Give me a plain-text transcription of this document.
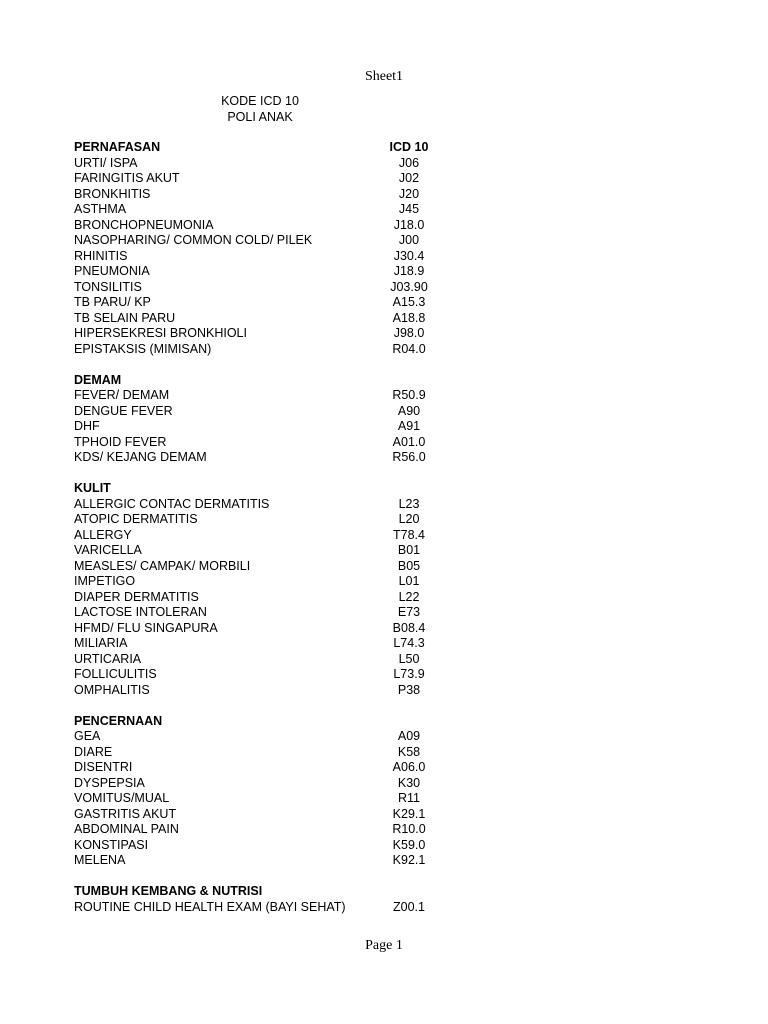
Sheet1
KODE ICD 10
POLI ANAK
PERNAFASAN	ICD 10
URTI/ ISPA	J06
FARINGITIS AKUT	J02
BRONKHITIS	J20
ASTHMA	J45
BRONCHOPNEUMONIA	J18.0
NASOPHARING/ COMMON COLD/ PILEK	J00
RHINITIS	J30.4
PNEUMONIA	J18.9
TONSILITIS	J03.90
TB PARU/ KP	A15.3
TB SELAIN PARU	A18.8
HIPERSEKRESI BRONKHIOLI	J98.0
EPISTAKSIS (MIMISAN)	R04.0
DEMAM
FEVER/ DEMAM	R50.9
DENGUE FEVER	A90
DHF	A91
TPHOID FEVER	A01.0
KDS/ KEJANG DEMAM	R56.0
KULIT
ALLERGIC CONTAC DERMATITIS	L23
ATOPIC DERMATITIS	L20
ALLERGY	T78.4
VARICELLA	B01
MEASLES/ CAMPAK/ MORBILI	B05
IMPETIGO	L01
DIAPER DERMATITIS	L22
LACTOSE INTOLERAN	E73
HFMD/ FLU SINGAPURA	B08.4
MILIARIA	L74.3
URTICARIA	L50
FOLLICULITIS	L73.9
OMPHALITIS	P38
PENCERNAAN
GEA	A09
DIARE	K58
DISENTRI	A06.0
DYSPEPSIA	K30
VOMITUS/MUAL	R11
GASTRITIS AKUT	K29.1
ABDOMINAL PAIN	R10.0
KONSTIPASI	K59.0
MELENA	K92.1
TUMBUH KEMBANG & NUTRISI
ROUTINE CHILD HEALTH EXAM (BAYI SEHAT)	Z00.1
Page 1
